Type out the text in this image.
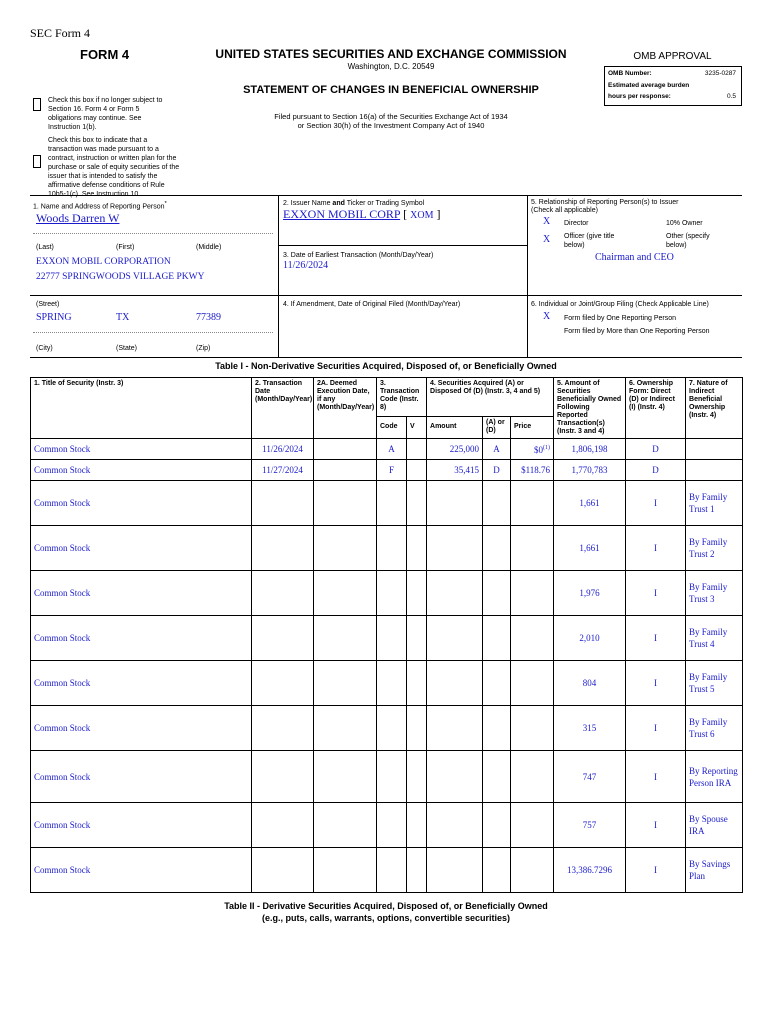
SEC Form 4
FORM 4	UNITED STATES SECURITIES AND EXCHANGE COMMISSION
Washington, D.C. 20549
STATEMENT OF CHANGES IN BENEFICIAL OWNERSHIP
Filed pursuant to Section 16(a) of the Securities Exchange Act of 1934
or Section 30(h) of the Investment Company Act of 1940
Check this box if no longer subject to Section 16. Form 4 or Form 5 obligations may continue. See Instruction 1(b).
Check this box to indicate that a transaction was made pursuant to a contract, instruction or written plan for the purchase or sale of equity securities of the issuer that is intended to satisfy the affirmative defense conditions of Rule 10b5-1(c). See Instruction 10.
OMB APPROVAL
OMB Number:	3235-0287
Estimated average burden
hours per response:	0.5
1. Name and Address of Reporting Person*
Woods Darren W
(Last)	(First)	(Middle)
EXXON MOBIL CORPORATION
22777 SPRINGWOODS VILLAGE PKWY
(Street)
SPRING	TX	77389
(City)	(State)	(Zip)
2. Issuer Name and Ticker or Trading Symbol
EXXON MOBIL CORP [ XOM ]
3. Date of Earliest Transaction (Month/Day/Year)
11/26/2024
4. If Amendment, Date of Original Filed (Month/Day/Year)
5. Relationship of Reporting Person(s) to Issuer
(Check all applicable)
X Director	10% Owner
X Officer (give title below)
Other (specify below)
Chairman and CEO
6. Individual or Joint/Group Filing (Check Applicable Line)
X Form filed by One Reporting Person
Form filed by More than One Reporting Person
Table I - Non-Derivative Securities Acquired, Disposed of, or Beneficially Owned
1. Title of Security (Instr. 3)	2. Transaction Date (Month/Day/Year)	2A. Deemed Execution Date, if any (Month/Day/Year)	3. Transaction Code (Instr. 8)		4. Securities Acquired (A) or Disposed Of (D) (Instr. 3, 4 and 5)			5. Amount of Securities Beneficially Owned Following Reported Transaction(s) (Instr. 3 and 4)	6. Ownership Form: Direct (D) or Indirect (I) (Instr. 4)	7. Nature of Indirect Beneficial Ownership (Instr. 4)
			Code	V	Amount	(A) or (D)	Price			
Common Stock	11/26/2024		A		225,000	A	$0$^{(1)}$	1,806,198	D	
Common Stock	11/27/2024		F		35,415	D	$118.76	1,770,783	D	
Common Stock								1,661	I	By Family Trust 1
Common Stock								1,661	I	By Family Trust 2
Common Stock								1,976	I	By Family Trust 3
Common Stock								2,010	I	By Family Trust 4
Common Stock								804	I	By Family Trust 5
Common Stock								315	I	By Family Trust 6
Common Stock								747	I	By Reporting Person IRA
Common Stock								757	I	By Spouse IRA
Common Stock								13,386.7296	I	By Savings Plan
Table II - Derivative Securities Acquired, Disposed of, or Beneficially Owned
(e.g., puts, calls, warrants, options, convertible securities)
